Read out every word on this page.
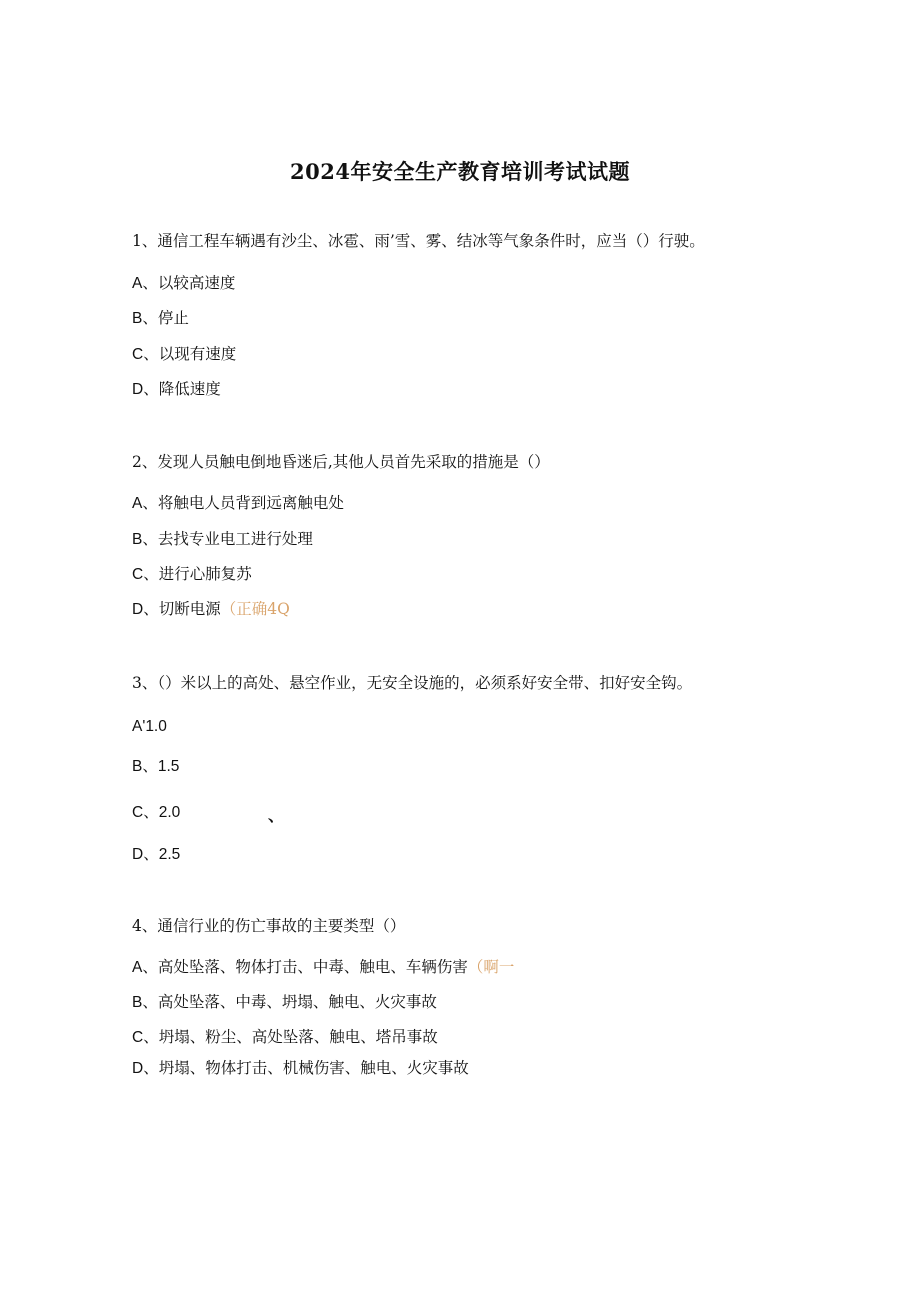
2024年安全生产教育培训考试试题
1、通信工程车辆遇有沙尘、冰雹、雨’雪、雾、结冰等气象条件时，应当（）行驶。
A、以较高速度
B、停止
C、以现有速度
D、降低速度
2、发现人员触电倒地昏迷后,其他人员首先采取的措施是（）
A、将触电人员背到远离触电处
B、去找专业电工进行处理
C、进行心肺复苏
D、切断电源（正确4Q
3、（）米以上的高处、悬空作业，无安全设施的，必须系好安全带、扣好安全钩。
A'1.0
B、1.5
C、2.0	、
D、2.5
4、通信行业的伤亡事故的主要类型（）
A、高处坠落、物体打击、中毒、触电、车辆伤害（啊一
B、高处坠落、中毒、坍塌、触电、火灾事故
C、坍塌、粉尘、高处坠落、触电、塔吊事故
D、坍塌、物体打击、机械伤害、触电、火灾事故
